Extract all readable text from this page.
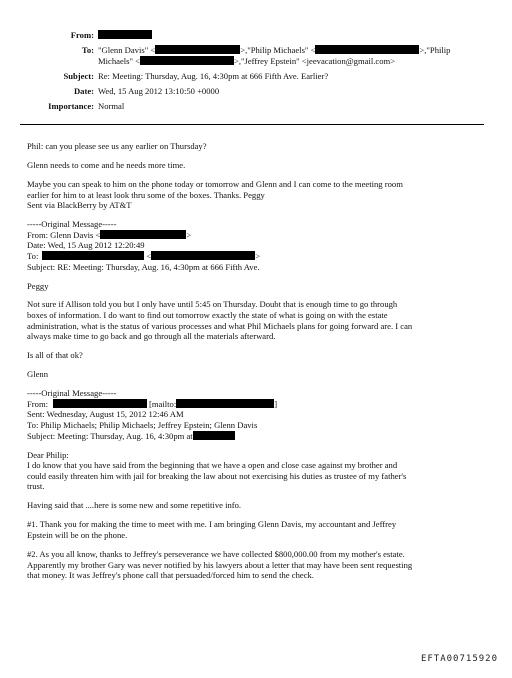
From:
To: "Glenn Davis" <	>,"Philip Michaels" <	>,"Philip
Michaels" <	>,"Jeffrey Epstein" <jeevacation@gmail.com>
Subject: Re: Meeting: Thursday, Aug. 16, 4:30pm at 666 Fifth Ave. Earlier?
Date: Wed, 15 Aug 2012 13:10:50 +0000
Importance: Normal

Phil: can you please see us any earlier on Thursday?

Glenn needs to come and he needs more time.

Maybe you can speak to him on the phone today or tomorrow and Glenn and I can come to the meeting room
earlier for him to at least look thru some of the boxes. Thanks. Peggy
Sent via BlackBerry by AT&T

-----Original Message-----
From: Glenn Davis <	>
Date: Wed, 15 Aug 2012 12:20:49
To:	<	>
Subject: RE: Meeting: Thursday, Aug. 16, 4:30pm at 666 Fifth Ave.

Peggy

Not sure if Allison told you but I only have until 5:45 on Thursday. Doubt that is enough time to go through
boxes of information. I do want to find out tomorrow exactly the state of what is going on with the estate
administration, what is the status of various processes and what Phil Michaels plans for going forward are. I can
always make time to go back and go through all the materials afterward.

Is all of that ok?

Glenn

-----Original Message-----
From:	[mailto:	]
Sent: Wednesday, August 15, 2012 12:46 AM
To: Philip Michaels; Philip Michaels; Jeffrey Epstein; Glenn Davis
Subject: Meeting: Thursday, Aug. 16, 4:30pm at

Dear Philip:
I do know that you have said from the beginning that we have a open and close case against my brother and
could easily threaten him with jail for breaking the law about not exercising his duties as trustee of my father's
trust.

Having said that ....here is some new and some repetitive info.

#1. Thank you for making the time to meet with me. I am bringing Glenn Davis, my accountant and Jeffrey
Epstein will be on the phone.

#2. As you all know, thanks to Jeffrey's perseverance we have collected $800,000.00 from my mother's estate.
Apparently my brother Gary was never notified by his lawyers about a letter that may have been sent requesting
that money. It was Jeffrey's phone call that persuaded/forced him to send the check.

EFTA00715920
